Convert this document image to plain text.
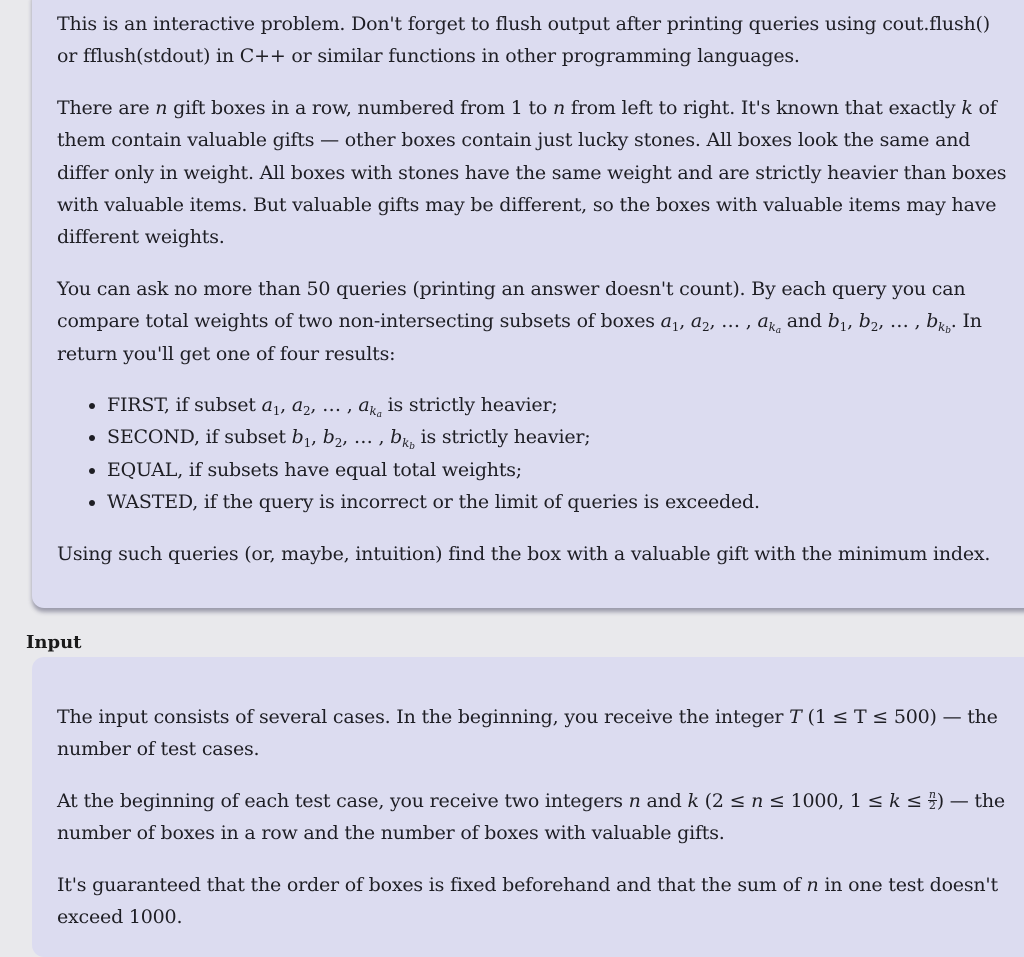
This is an interactive problem. Don't forget to flush output after printing queries using cout.flush() or fflush(stdout) in C++ or similar functions in other programming languages.

There are n gift boxes in a row, numbered from 1 to n from left to right. It's known that exactly k of them contain valuable gifts — other boxes contain just lucky stones. All boxes look the same and differ only in weight. All boxes with stones have the same weight and are strictly heavier than boxes with valuable items. But valuable gifts may be different, so the boxes with valuable items may have different weights.

You can ask no more than 50 queries (printing an answer doesn't count). By each query you can compare total weights of two non-intersecting subsets of boxes $a_1$, $a_2$, … , $a_{k_a}$ and $b_1$, $b_2$, … , $b_{k_b}$. In return you'll get one of four results:

• FIRST, if subset $a_1$, $a_2$, … , $a_{k_a}$ is strictly heavier;
• SECOND, if subset $b_1$, $b_2$, … , $b_{k_b}$ is strictly heavier;
• EQUAL, if subsets have equal total weights;
• WASTED, if the query is incorrect or the limit of queries is exceeded.

Using such queries (or, maybe, intuition) find the box with a valuable gift with the minimum index.

Input

The input consists of several cases. In the beginning, you receive the integer T (1 ≤ T ≤ 500) — the number of test cases.

At the beginning of each test case, you receive two integers n and k (2 ≤ n ≤ 1000, $1 \le k \le \frac{n}{2}$ ) — the number of boxes in a row and the number of boxes with valuable gifts.

It's guaranteed that the order of boxes is fixed beforehand and that the sum of n in one test doesn't exceed 1000.
